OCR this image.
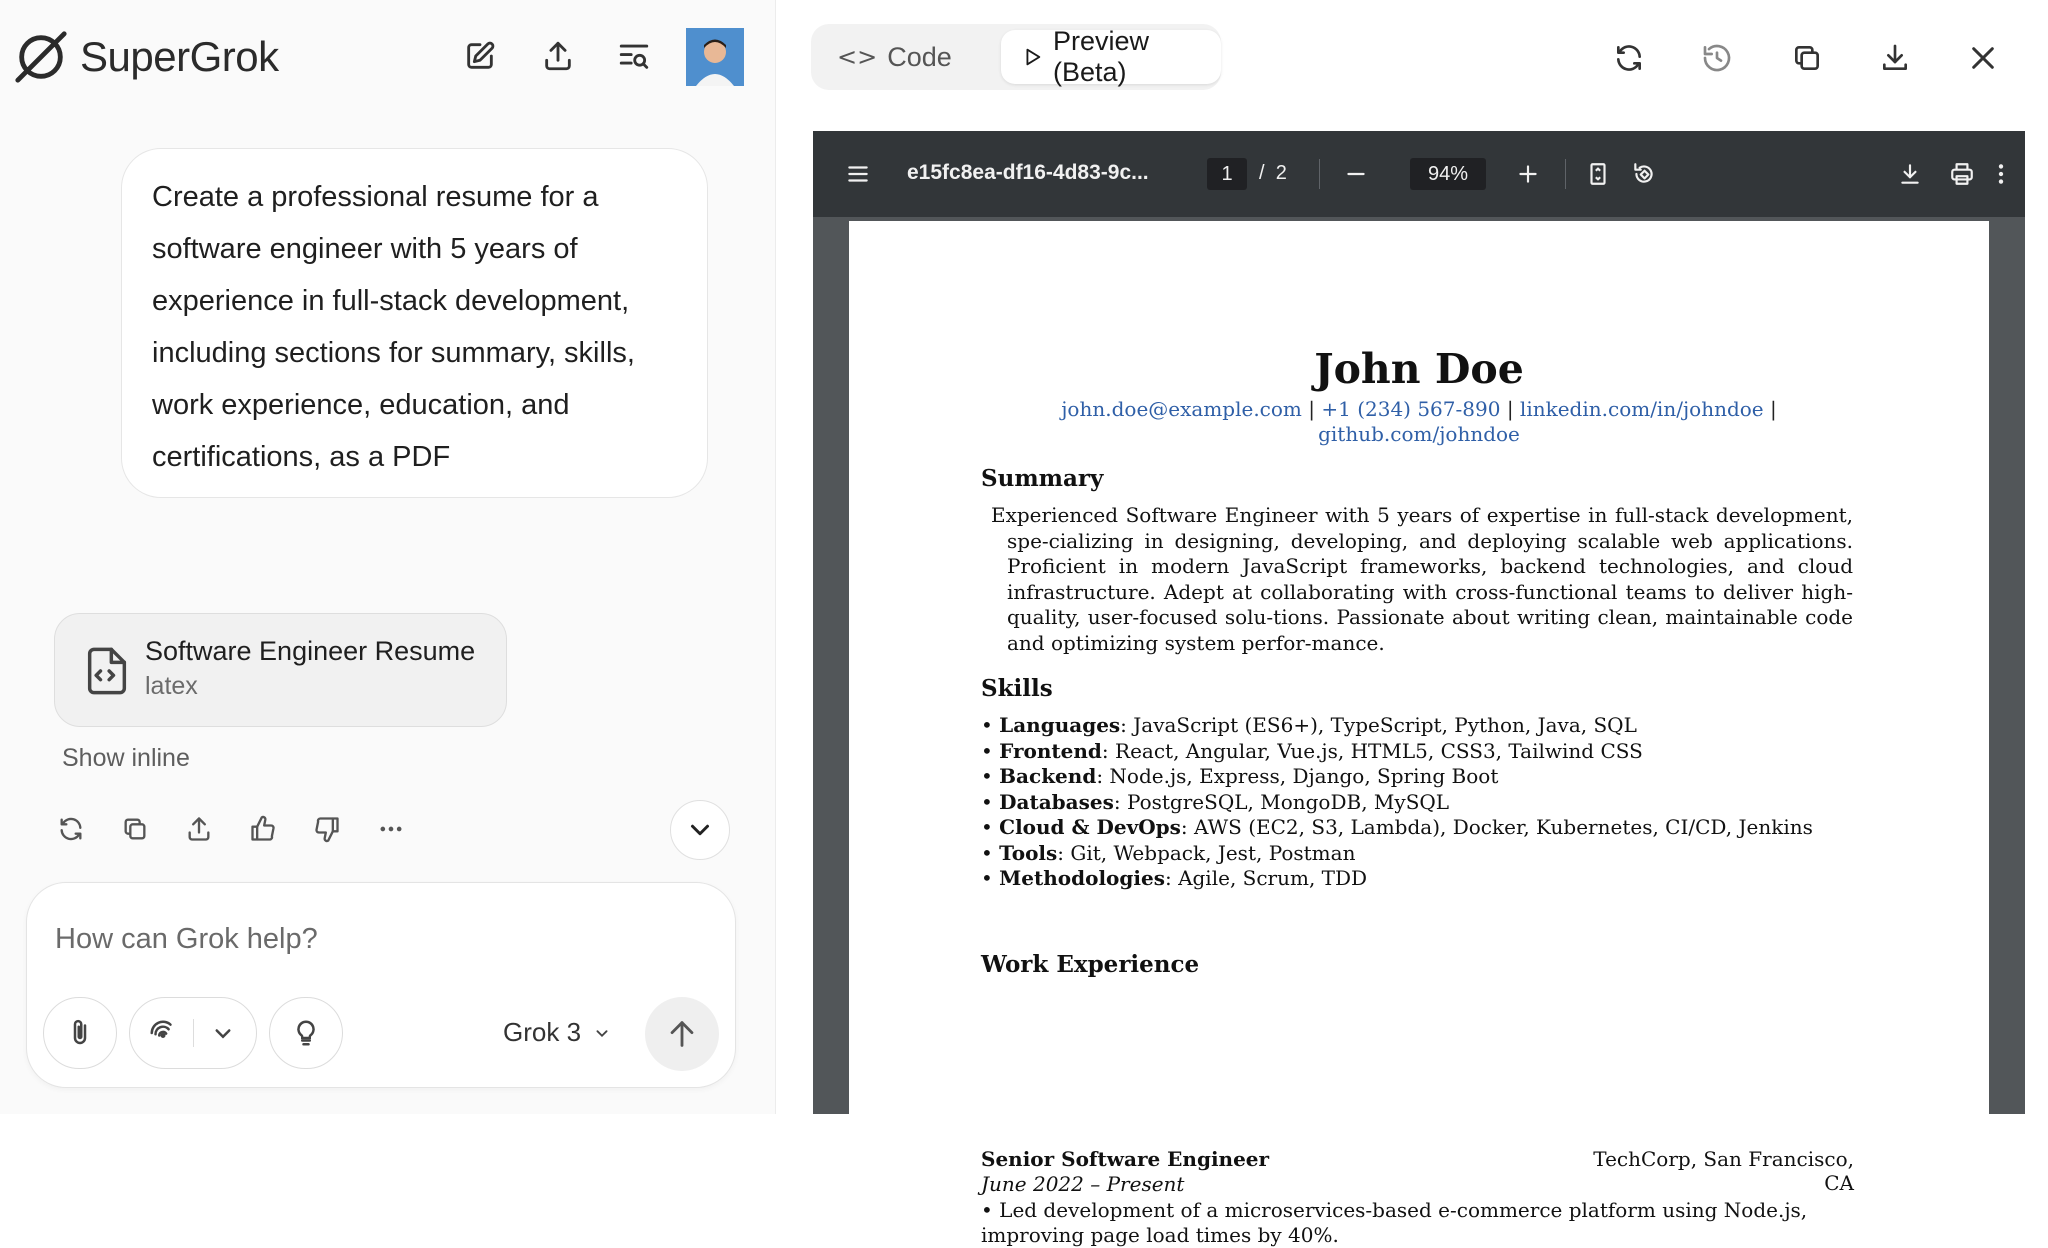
SuperGrok

Create a professional resume for a software engineer with 5 years of experience in full-stack development, including sections for summary, skills, work experience, education, and certifications, as a PDF

Software Engineer Resume
latex
Show inline
How can Grok help?
Grok 3
<> Code
Preview (Beta)
e15fc8ea-df16-4d83-9c...	1	/ 2	94%
John Doe
john.doe@example.com | +1 (234) 567-890 | linkedin.com/in/johndoe |
github.com/johndoe
Summary
Experienced Software Engineer with 5 years of expertise in full-stack development, spe-cializing in designing, developing, and deploying scalable web applications. Proficient in modern JavaScript frameworks, backend technologies, and cloud infrastructure. Adept at collaborating with cross-functional teams to deliver high-quality, user-focused solu-tions. Passionate about writing clean, maintainable code and optimizing system perfor-mance.
Skills
• Languages: JavaScript (ES6+), TypeScript, Python, Java, SQL
• Frontend: React, Angular, Vue.js, HTML5, CSS3, Tailwind CSS
• Backend: Node.js, Express, Django, Spring Boot
• Databases: PostgreSQL, MongoDB, MySQL
• Cloud & DevOps: AWS (EC2, S3, Lambda), Docker, Kubernetes, CI/CD, Jenkins
• Tools: Git, Webpack, Jest, Postman
• Methodologies: Agile, Scrum, TDD
Work Experience
Senior Software Engineer	TechCorp, San Francisco, CA
June 2022 – Present
• Led development of a microservices-based e-commerce platform using Node.js, improving page load times by 40%.
